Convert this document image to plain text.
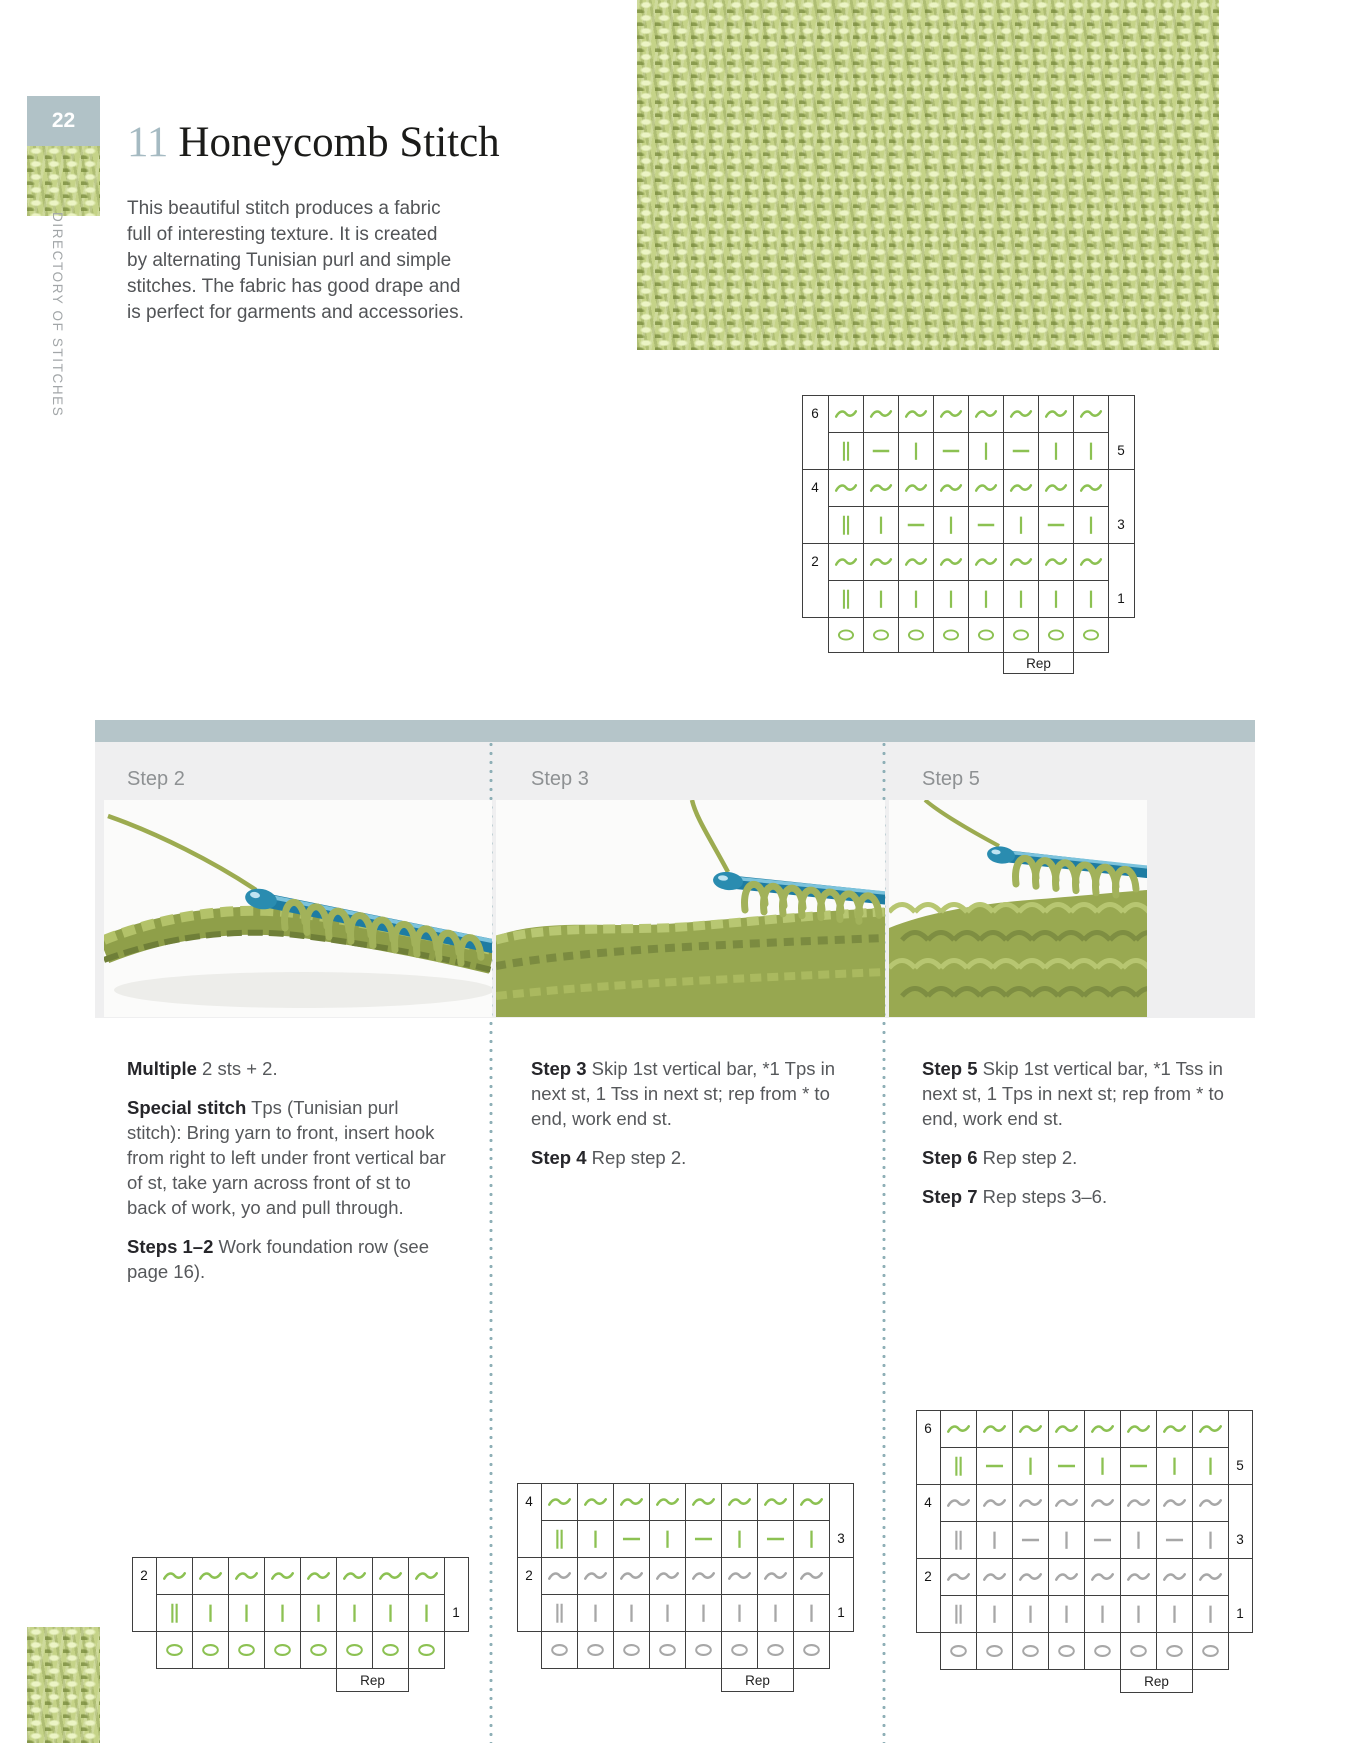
22
DIRECTORY OF STITCHES
11 Honeycomb Stitch
This beautiful stitch produces a fabric
full of interesting texture. It is created
by alternating Tunisian purl and simple
stitches. The fabric has good drape and
is perfect for garments and accessories.
6
5
4
3
2
1
Rep
Step 2	Step 3	Step 5

Multiple 2 sts + 2.

Special stitch Tps (Tunisian purl stitch): Bring yarn to front, insert hook from right to left under front vertical bar of st, take yarn across front of st to back of work, yo and pull through.

Steps 1–2 Work foundation row (see page 16).

Step 3 Skip 1st vertical bar, *1 Tps in next st, 1 Tss in next st; rep from * to end, work end st.

Step 4 Rep step 2.

Step 5 Skip 1st vertical bar, *1 Tss in next st, 1 Tps in next st; rep from * to end, work end st.

Step 6 Rep step 2.

Step 7 Rep steps 3–6.

2
1
Rep
4
3
2
1
Rep
6
5
4
3
2
1
Rep
